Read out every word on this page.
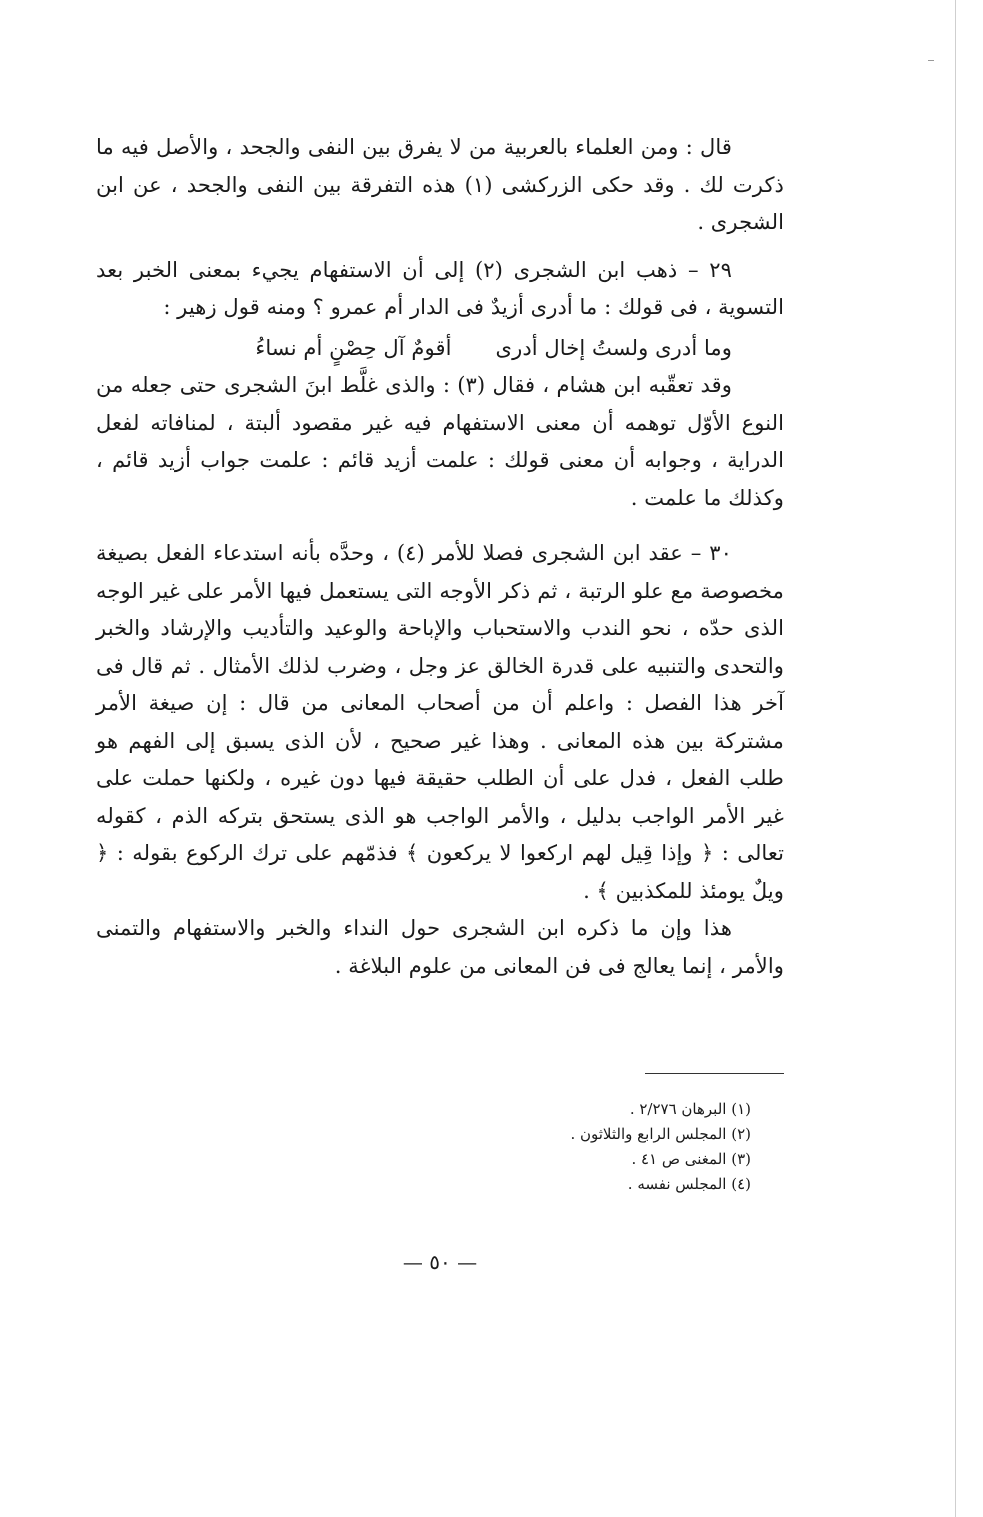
قال : ومن العلماء بالعربية من لا يفرق بين النفى والجحد ، والأصل فيه ما ذكرت لك . وقد حكى الزركشى (١) هذه التفرقة بين النفى والجحد ، عن ابن الشجرى .

٢٩ – ذهب ابن الشجرى (٢) إلى أن الاستفهام يجيء بمعنى الخبر بعد التسوية ، فى قولك : ما أدرى أزيدٌ فى الدار أم عمرو ؟ ومنه قول زهير :

وما أدرى ولستُ إخال أدرى
أقومٌ آل حِصْنٍ أم نساءُ

وقد تعقّبه ابن هشام ، فقال (٣) : والذى غلَّط ابنَ الشجرى حتى جعله من النوع الأوّل توهمه أن معنى الاستفهام فيه غير مقصود ألبتة ، لمنافاته لفعل الدراية ، وجوابه أن معنى قولك : علمت أزيد قائم : علمت جواب أزيد قائم ، وكذلك ما علمت .

٣٠ – عقد ابن الشجرى فصلا للأمر (٤) ، وحدَّه بأنه استدعاء الفعل بصيغة مخصوصة مع علو الرتبة ، ثم ذكر الأوجه التى يستعمل فيها الأمر على غير الوجه الذى حدّه ، نحو الندب والاستحباب والإباحة والوعيد والتأديب والإرشاد والخبر والتحدى والتنبيه على قدرة الخالق عز وجل ، وضرب لذلك الأمثال . ثم قال فى آخر هذا الفصل : واعلم أن من أصحاب المعانى من قال : إن صيغة الأمر مشتركة بين هذه المعانى . وهذا غير صحيح ، لأن الذى يسبق إلى الفهم هو طلب الفعل ، فدل على أن الطلب حقيقة فيها دون غيره ، ولكنها حملت على غير الأمر الواجب بدليل ، والأمر الواجب هو الذى يستحق بتركه الذم ، كقوله تعالى : ﴿ وإذا قِيل لهم اركعوا لا يركعون ﴾ فذمّهم على ترك الركوع بقوله : ﴿ ويلٌ يومئذ للمكذبين ﴾ .

هذا وإن ما ذكره ابن الشجرى حول النداء والخبر والاستفهام والتمنى والأمر ، إنما يعالج فى فن المعانى من علوم البلاغة .

(١) البرهان ٢/٢٧٦ .
(٢) المجلس الرابع والثلاثون .
(٣) المغنى ص ٤١ .
(٤) المجلس نفسه .
— ٥٠ —
